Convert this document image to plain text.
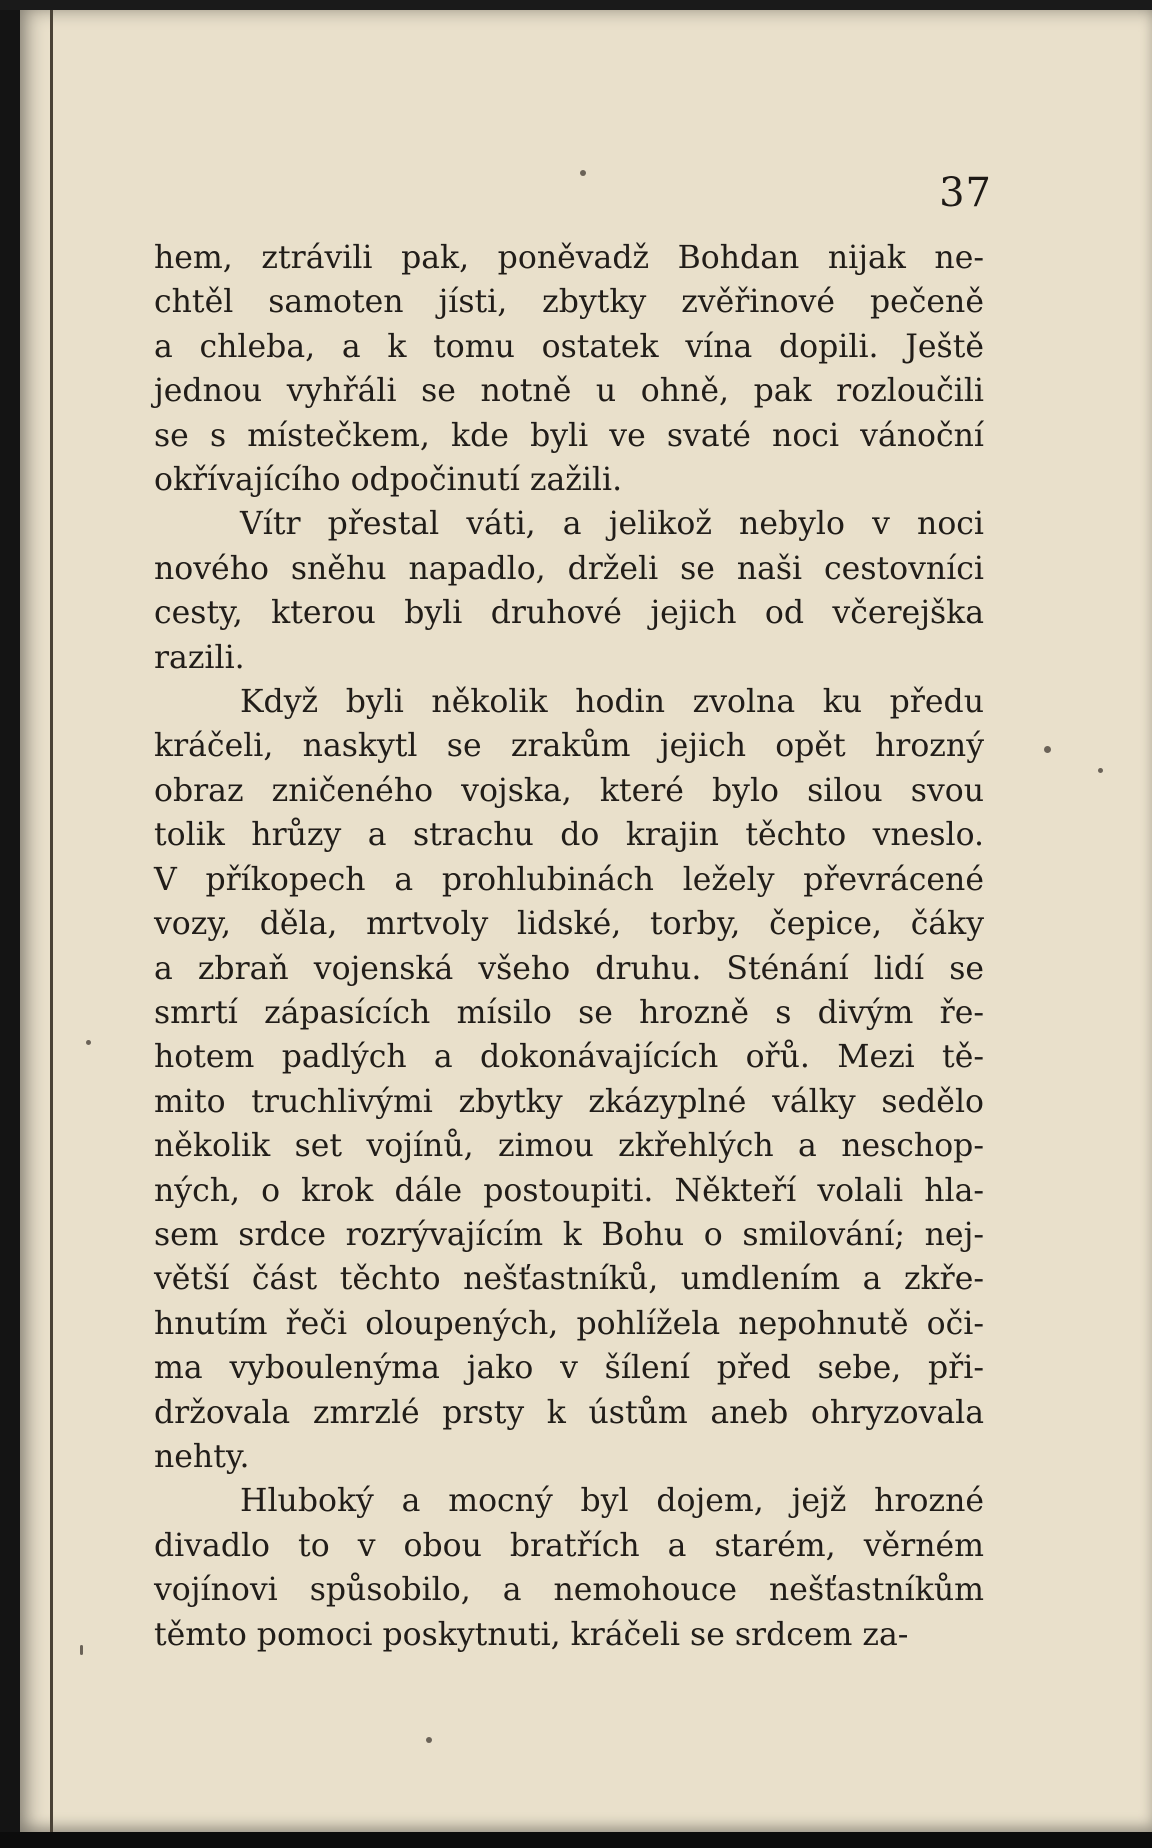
37

hem, ztrávili pak, poněvadž Bohdan nijak ne-
chtěl samoten jísti, zbytky zvěřinové pečeně
a chleba, a k tomu ostatek vína dopili. Ještě
jednou vyhřáli se notně u ohně, pak rozloučili
se s místečkem, kde byli ve svaté noci vánoční
okřívajícího odpočinutí zažili.

Vítr přestal váti, a jelikož nebylo v noci
nového sněhu napadlo, drželi se naši cestovníci
cesty, kterou byli druhové jejich od včerejška
razili.

Když byli několik hodin zvolna ku předu
kráčeli, naskytl se zrakům jejich opět hrozný
obraz zničeného vojska, které bylo silou svou
tolik hrůzy a strachu do krajin těchto vneslo.
V příkopech a prohlubinách ležely převrácené
vozy, děla, mrtvoly lidské, torby, čepice, čáky
a zbraň vojenská všeho druhu. Sténání lidí se
smrtí zápasících mísilo se hrozně s divým ře-
hotem padlých a dokonávajících ořů. Mezi tě-
mito truchlivými zbytky zkázyplné války sedělo
několik set vojínů, zimou zkřehlých a neschop-
ných, o krok dále postoupiti. Někteří volali hla-
sem srdce rozrývajícím k Bohu o smilování; nej-
větší část těchto nešťastníků, umdlením a zkře-
hnutím řeči oloupených, pohlížela nepohnutě oči-
ma vyboulenýma jako v šílení před sebe, při-
držovala zmrzlé prsty k ústům aneb ohryzovala
nehty.

Hluboký a mocný byl dojem, jejž hrozné
divadlo to v obou bratřích a starém, věrném
vojínovi spůsobilo, a nemohouce nešťastníkům
těmto pomoci poskytnuti, kráčeli se srdcem za-
